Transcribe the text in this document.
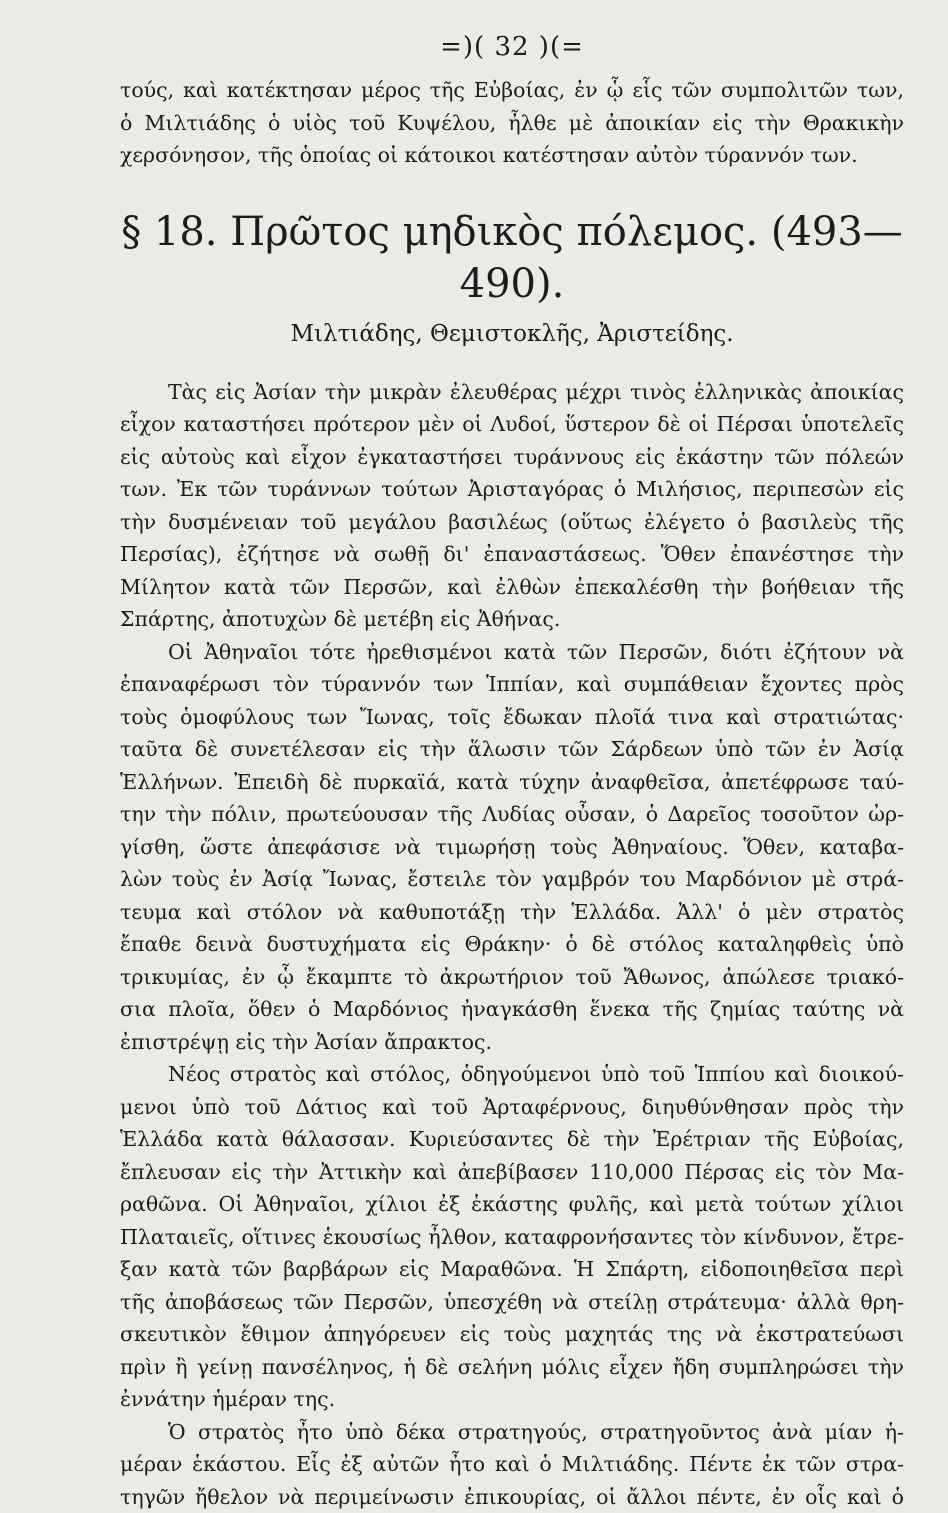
=)( 32 )(=
τούς, καὶ κατέκτησαν μέρος τῆς Εὐβοίας, ἐν ᾧ εἷς τῶν συμπολιτῶν των,
ὁ Μιλτιάδης ὁ υἱὸς τοῦ Κυψέλου, ἦλθε μὲ ἀποικίαν εἰς τὴν Θρακικὴν
χερσόνησον, τῆς ὁποίας οἱ κάτοικοι κατέστησαν αὐτὸν τύραννόν των.
§ 18. Πρῶτος μηδικὸς πόλεμος. (493—490).
Μιλτιάδης, Θεμιστοκλῆς, Ἀριστείδης.
Τὰς εἰς Ἀσίαν τὴν μικρὰν ἐλευθέρας μέχρι τινὸς ἑλληνικὰς ἀποικίας
εἶχον καταστήσει πρότερον μὲν οἱ Λυδοί, ὕστερον δὲ οἱ Πέρσαι ὑποτελεῖς
εἰς αὐτοὺς καὶ εἶχον ἐγκαταστήσει τυράννους εἰς ἑκάστην τῶν πόλεών
των. Ἐκ τῶν τυράννων τούτων Ἀρισταγόρας ὁ Μιλήσιος, περιπεσὼν εἰς
τὴν δυσμένειαν τοῦ μεγάλου βασιλέως (οὕτως ἐλέγετο ὁ βασιλεὺς τῆς
Περσίας), ἐζήτησε νὰ σωθῇ δι' ἐπαναστάσεως. Ὅθεν ἐπανέστησε τὴν
Μίλητον κατὰ τῶν Περσῶν, καὶ ἐλθὼν ἐπεκαλέσθη τὴν βοήθειαν τῆς
Σπάρτης, ἀποτυχὼν δὲ μετέβη εἰς Ἀθήνας.
Οἱ Ἀθηναῖοι τότε ἠρεθισμένοι κατὰ τῶν Περσῶν, διότι ἐζήτουν νὰ
ἐπαναφέρωσι τὸν τύραννόν των Ἱππίαν, καὶ συμπάθειαν ἔχοντες πρὸς
τοὺς ὁμοφύλους των Ἴωνας, τοῖς ἔδωκαν πλοῖά τινα καὶ στρατιώτας·
ταῦτα δὲ συνετέλεσαν εἰς τὴν ἅλωσιν τῶν Σάρδεων ὑπὸ τῶν ἐν Ἀσίᾳ
Ἑλλήνων. Ἐπειδὴ δὲ πυρκαϊά, κατὰ τύχην ἀναφθεῖσα, ἀπετέφρωσε ταύ-
την τὴν πόλιν, πρωτεύουσαν τῆς Λυδίας οὖσαν, ὁ Δαρεῖος τοσοῦτον ὠρ-
γίσθη, ὥστε ἀπεφάσισε νὰ τιμωρήσῃ τοὺς Ἀθηναίους. Ὅθεν, καταβα-
λὼν τοὺς ἐν Ἀσίᾳ Ἴωνας, ἔστειλε τὸν γαμβρόν του Μαρδόνιον μὲ στρά-
τευμα καὶ στόλον νὰ καθυποτάξῃ τὴν Ἑλλάδα. Ἀλλ' ὁ μὲν στρατὸς
ἔπαθε δεινὰ δυστυχήματα εἰς Θράκην· ὁ δὲ στόλος καταληφθεὶς ὑπὸ
τρικυμίας, ἐν ᾧ ἔκαμπτε τὸ ἀκρωτήριον τοῦ Ἄθωνος, ἀπώλεσε τριακό-
σια πλοῖα, ὅθεν ὁ Μαρδόνιος ἠναγκάσθη ἕνεκα τῆς ζημίας ταύτης νὰ
ἐπιστρέψῃ εἰς τὴν Ἀσίαν ἄπρακτος.
Νέος στρατὸς καὶ στόλος, ὁδηγούμενοι ὑπὸ τοῦ Ἱππίου καὶ διοικού-
μενοι ὑπὸ τοῦ Δάτιος καὶ τοῦ Ἀρταφέρνους, διηυθύνθησαν πρὸς τὴν
Ἑλλάδα κατὰ θάλασσαν. Κυριεύσαντες δὲ τὴν Ἐρέτριαν τῆς Εὐβοίας,
ἔπλευσαν εἰς τὴν Ἀττικὴν καὶ ἀπεβίβασεν 110,000 Πέρσας εἰς τὸν Μα-
ραθῶνα. Οἱ Ἀθηναῖοι, χίλιοι ἐξ ἑκάστης φυλῆς, καὶ μετὰ τούτων χίλιοι
Πλαταιεῖς, οἵτινες ἑκουσίως ἦλθον, καταφρονήσαντες τὸν κίνδυνον, ἔτρε-
ξαν κατὰ τῶν βαρβάρων εἰς Μαραθῶνα. Ἡ Σπάρτη, εἰδοποιηθεῖσα περὶ
τῆς ἀποβάσεως τῶν Περσῶν, ὑπεσχέθη νὰ στείλῃ στράτευμα· ἀλλὰ θρη-
σκευτικὸν ἔθιμον ἀπηγόρευεν εἰς τοὺς μαχητάς της νὰ ἐκστρατεύωσι
πρὶν ἢ γείνῃ πανσέληνος, ἡ δὲ σελήνη μόλις εἶχεν ἤδη συμπληρώσει τὴν
ἐννάτην ἡμέραν της.
Ὁ στρατὸς ἦτο ὑπὸ δέκα στρατηγούς, στρατηγοῦντος ἀνὰ μίαν ἡ-
μέραν ἑκάστου. Εἷς ἐξ αὐτῶν ἦτο καὶ ὁ Μιλτιάδης. Πέντε ἐκ τῶν στρα-
τηγῶν ἤθελον νὰ περιμείνωσιν ἐπικουρίας, οἱ ἄλλοι πέντε, ἐν οἷς καὶ ὁ
